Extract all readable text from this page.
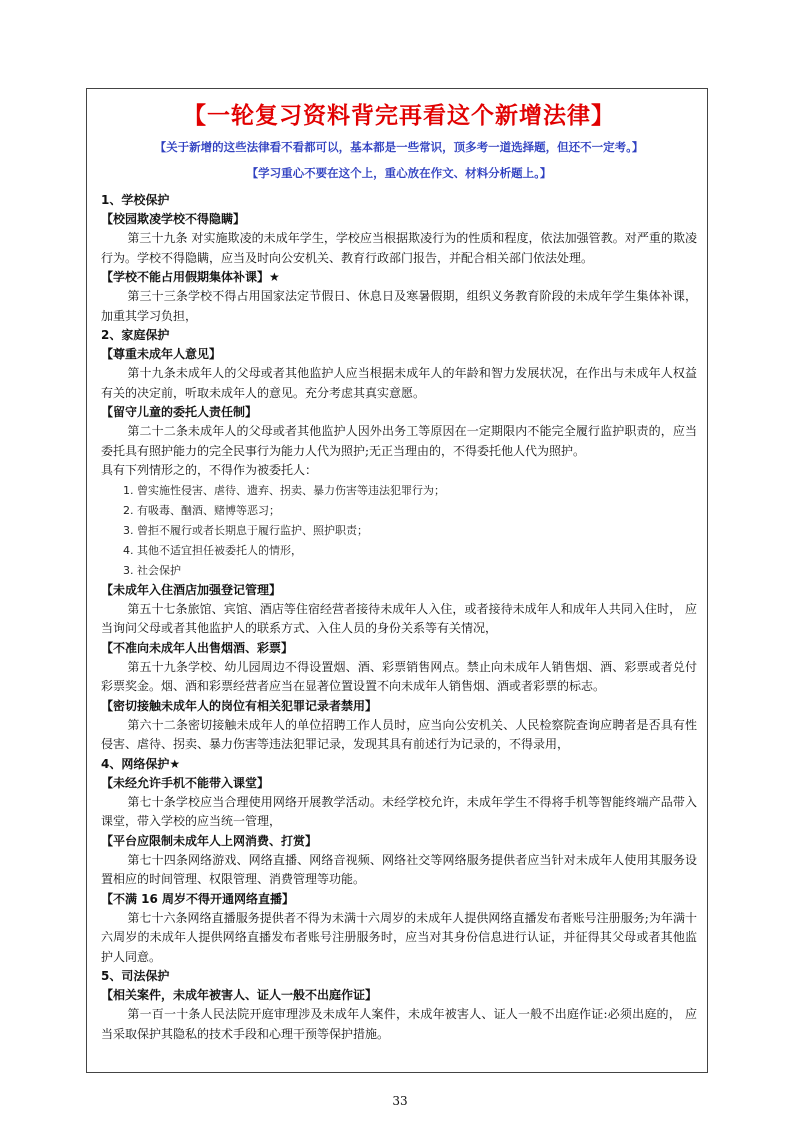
【一轮复习资料背完再看这个新增法律】
【关于新增的这些法律看不看都可以，基本都是一些常识，顶多考一道选择题，但还不一定考。】
【学习重心不要在这个上，重心放在作文、材料分析题上。】
1、学校保护
【校园欺凌学校不得隐瞒】

第三十九条 对实施欺凌的未成年学生，学校应当根据欺凌行为的性质和程度，依法加强管教。对严重的欺凌行为。学校不得隐瞒，应当及时向公安机关、教育行政部门报告，并配合相关部门依法处理。

【学校不能占用假期集体补课】★

第三十三条学校不得占用国家法定节假日、休息日及寒暑假期，组织义务教育阶段的未成年学生集体补课，加重其学习负担，

2、家庭保护
【尊重未成年人意见】

第十九条未成年人的父母或者其他监护人应当根据未成年人的年龄和智力发展状况，在作出与未成年人权益有关的决定前，听取未成年人的意见。充分考虑其真实意愿。

【留守儿童的委托人责任制】

第二十二条未成年人的父母或者其他监护人因外出务工等原因在一定期限内不能完全履行监护职责的，应当委托具有照护能力的完全民事行为能力人代为照护;无正当理由的，不得委托他人代为照护。

具有下列情形之的，不得作为被委托人：

1. 曾实施性侵害、虐待、遗弃、拐卖、暴力伤害等违法犯罪行为；
2. 有吸毒、酗酒、赌博等恶习；
3. 曾拒不履行或者长期息于履行监护、照护职责；
4. 其他不适宜担任被委托人的情形，
3. 社会保护
【未成年入住酒店加强登记管理】

第五十七条旅馆、宾馆、酒店等住宿经营者接待未成年人入住，或者接待未成年人和成年人共同入住时， 应当询问父母或者其他监护人的联系方式、入住人员的身份关系等有关情况，

【不准向未成年人出售烟酒、彩票】

第五十九条学校、幼儿园周边不得设置烟、酒、彩票销售网点。禁止向未成年人销售烟、酒、彩票或者兑付彩票奖金。烟、酒和彩票经营者应当在显著位置设置不向未成年人销售烟、酒或者彩票的标志。

【密切接触未成年人的岗位有相关犯罪记录者禁用】

第六十二条密切接触未成年人的单位招聘工作人员时，应当向公安机关、人民检察院查询应聘者是否具有性侵害、虐待、拐卖、暴力伤害等违法犯罪记录，发现其具有前述行为记录的，不得录用，

4、网络保护★
【未经允许手机不能带入课堂】

第七十条学校应当合理使用网络开展教学活动。未经学校允许，未成年学生不得将手机等智能终端产品带入课堂，带入学校的应当统一管理，

【平台应限制未成年人上网消费、打赏】

第七十四条网络游戏、网络直播、网络音视频、网络社交等网络服务提供者应当针对未成年人使用其服务设置相应的时间管理、权限管理、消费管理等功能。

【不满 16 周岁不得开通网络直播】

第七十六条网络直播服务提供者不得为未满十六周岁的未成年人提供网络直播发布者账号注册服务;为年满十六周岁的未成年人提供网络直播发布者账号注册服务时，应当对其身份信息进行认证，并征得其父母或者其他监护人同意。

5、司法保护
【相关案件，未成年被害人、证人一般不出庭作证】

第一百一十条人民法院开庭审理涉及未成年人案件，未成年被害人、证人一般不出庭作证:必须出庭的， 应当采取保护其隐私的技术手段和心理干预等保护措施。

33
